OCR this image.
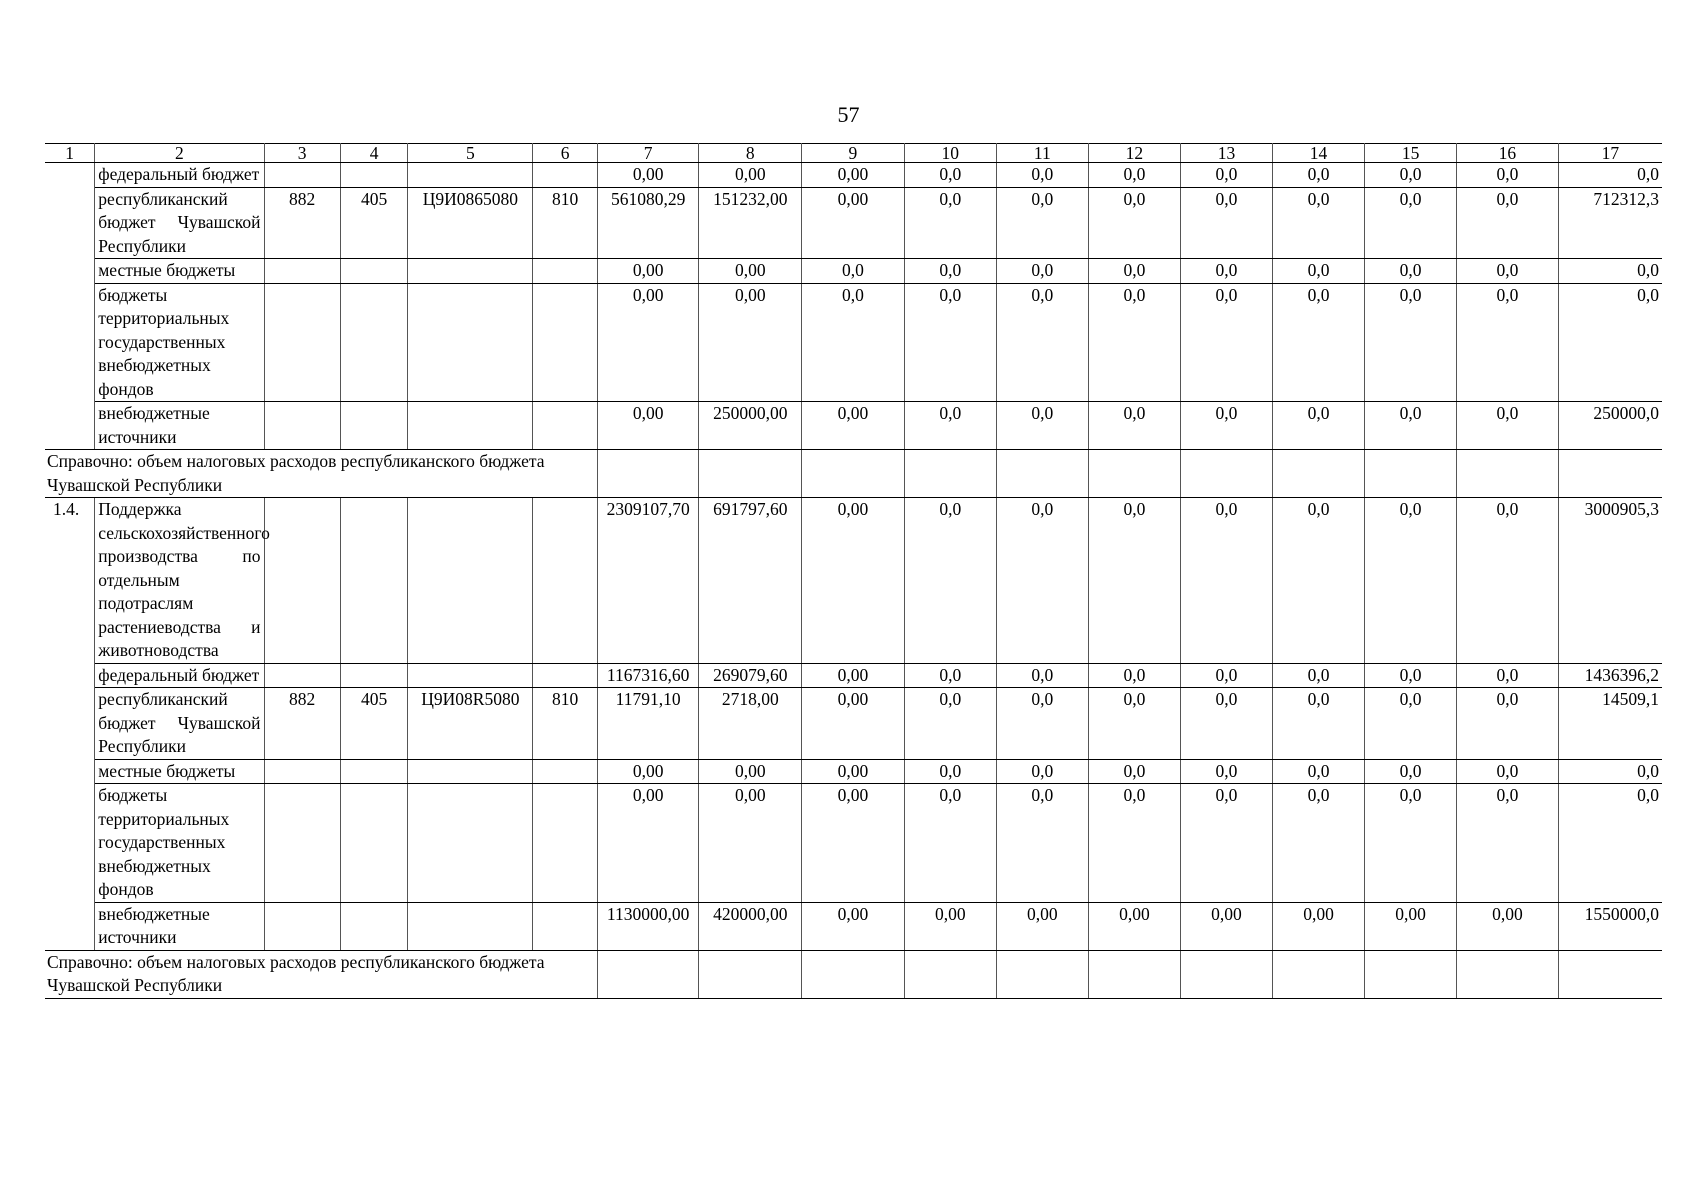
57
1	2	3	4	5	6	7	8	9	10	11	12	13	14	15	16	17
	федеральный бюджет					0,00	0,00	0,00	0,0	0,0	0,0	0,0	0,0	0,0	0,0	0,0
	республиканский бюджет Чувашской Республики	882	405	Ц9И0865080	810	561080,29	151232,00	0,00	0,0	0,0	0,0	0,0	0,0	0,0	0,0	712312,3
	местные бюджеты					0,00	0,00	0,0	0,0	0,0	0,0	0,0	0,0	0,0	0,0	0,0
	бюджеты территориальных государственных внебюджетных фондов					0,00	0,00	0,0	0,0	0,0	0,0	0,0	0,0	0,0	0,0	0,0
	внебюджетные источники					0,00	250000,00	0,00	0,0	0,0	0,0	0,0	0,0	0,0	0,0	250000,0
Справочно: объем налоговых расходов республиканского бюджета Чувашской Республики																
1.4.	Поддержка сельскохозяйственного производства по отдельным подотраслям растениеводства и животноводства					2309107,70	691797,60	0,00	0,0	0,0	0,0	0,0	0,0	0,0	0,0	3000905,3
	федеральный бюджет					1167316,60	269079,60	0,00	0,0	0,0	0,0	0,0	0,0	0,0	0,0	1436396,2
	республиканский бюджет Чувашской Республики	882	405	Ц9И08R5080	810	11791,10	2718,00	0,00	0,0	0,0	0,0	0,0	0,0	0,0	0,0	14509,1
	местные бюджеты					0,00	0,00	0,00	0,0	0,0	0,0	0,0	0,0	0,0	0,0	0,0
	бюджеты территориальных государственных внебюджетных фондов					0,00	0,00	0,00	0,0	0,0	0,0	0,0	0,0	0,0	0,0	0,0
	внебюджетные источники					1130000,00	420000,00	0,00	0,00	0,00	0,00	0,00	0,00	0,00	0,00	1550000,0
Справочно: объем налоговых расходов республиканского бюджета Чувашской Республики																
